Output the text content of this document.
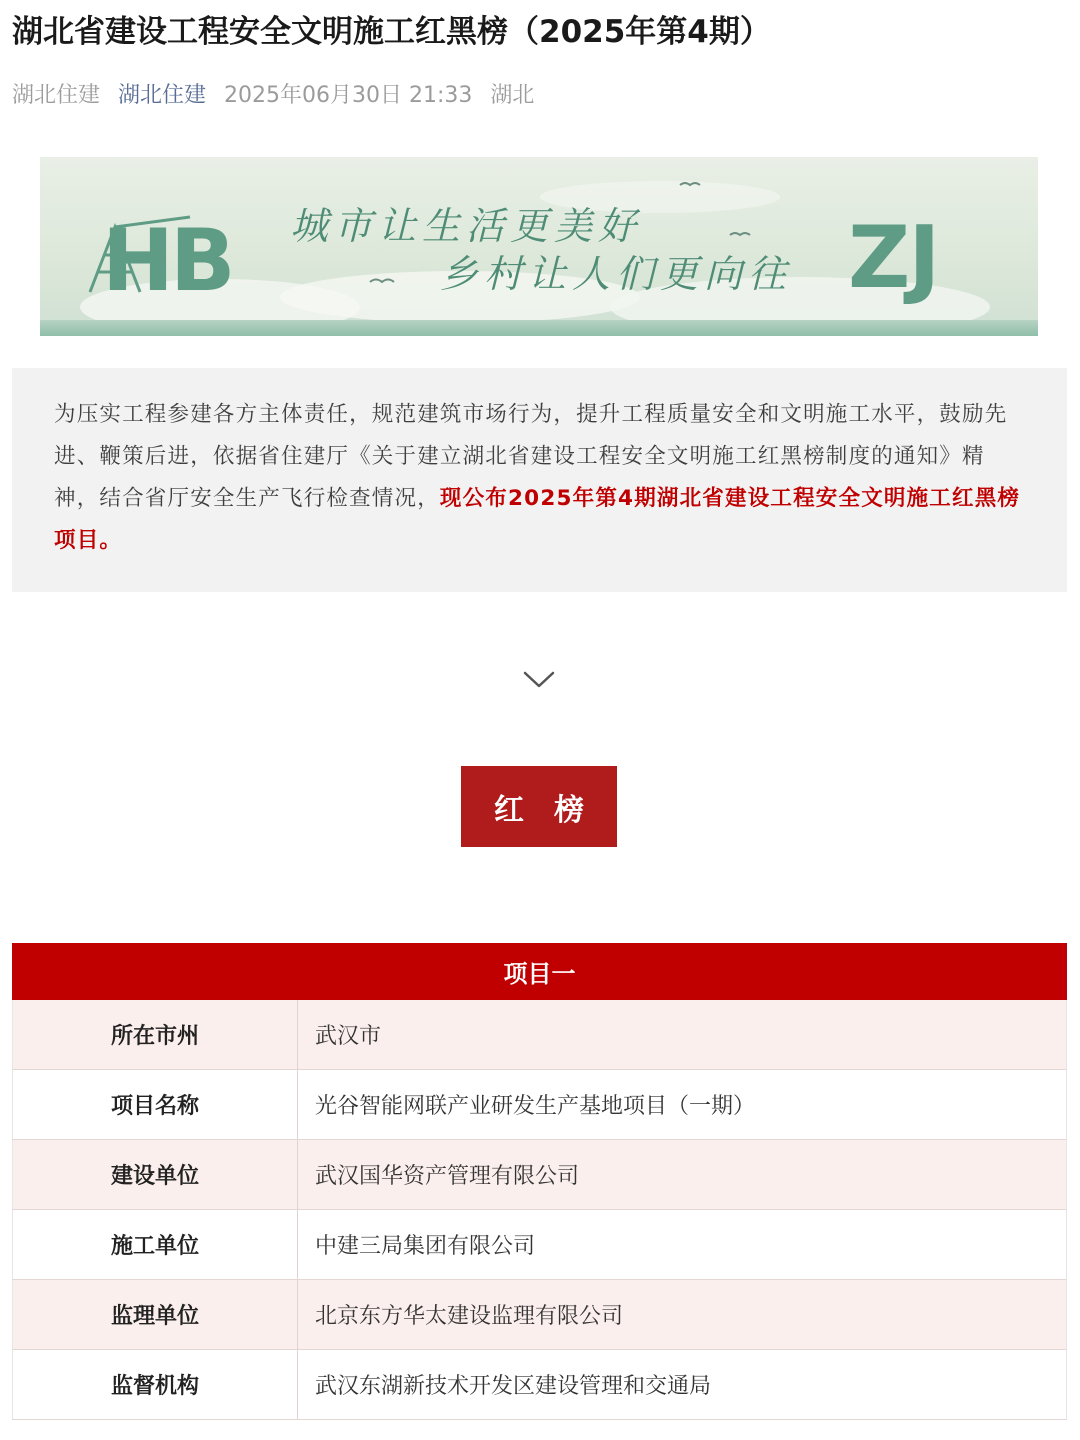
湖北省建设工程安全文明施工红黑榜（2025年第4期）
湖北住建 湖北住建 2025年06月30日 21:33 湖北
HB 城市让生活更美好
乡村让人们更向往 ZJ

为压实工程参建各方主体责任，规范建筑市场行为，提升工程质量安全和文明施工水平，鼓励先进、鞭策后进，依据省住建厅《关于建立湖北省建设工程安全文明施工红黑榜制度的通知》精神，结合省厅安全生产飞行检查情况，现公布2025年第4期湖北省建设工程安全文明施工红黑榜项目。

红榜
项目一
所在市州	武汉市
项目名称	光谷智能网联产业研发生产基地项目（一期）
建设单位	武汉国华资产管理有限公司
施工单位	中建三局集团有限公司
监理单位	北京东方华太建设监理有限公司
监督机构	武汉东湖新技术开发区建设管理和交通局
